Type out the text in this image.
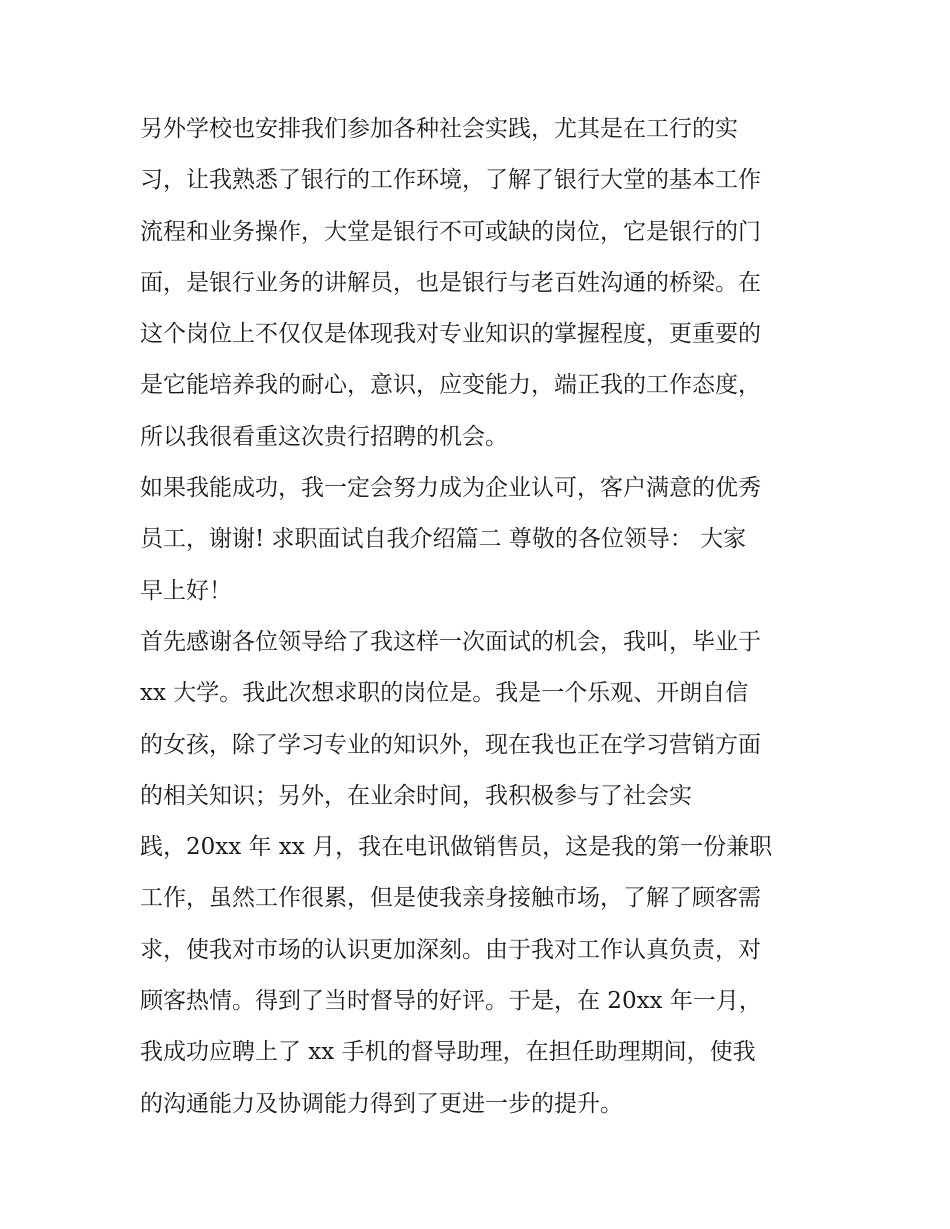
另外学校也安排我们参加各种社会实践，尤其是在工行的实
习，让我熟悉了银行的工作环境，了解了银行大堂的基本工作
流程和业务操作，大堂是银行不可或缺的岗位，它是银行的门
面，是银行业务的讲解员，也是银行与老百姓沟通的桥梁。在
这个岗位上不仅仅是体现我对专业知识的掌握程度，更重要的
是它能培养我的耐心，意识，应变能力，端正我的工作态度，
所以我很看重这次贵行招聘的机会。
如果我能成功，我一定会努力成为企业认可，客户满意的优秀
员工，谢谢! 求职面试自我介绍篇二 尊敬的各位领导： 大家
早上好！
首先感谢各位领导给了我这样一次面试的机会，我叫，毕业于
xx 大学。我此次想求职的岗位是。我是一个乐观、开朗自信
的女孩，除了学习专业的知识外，现在我也正在学习营销方面
的相关知识；另外，在业余时间，我积极参与了社会实
践，20xx 年 xx 月，我在电讯做销售员，这是我的第一份兼职
工作，虽然工作很累，但是使我亲身接触市场，了解了顾客需
求，使我对市场的认识更加深刻。由于我对工作认真负责，对
顾客热情。得到了当时督导的好评。于是，在 20xx 年一月，
我成功应聘上了 xx 手机的督导助理，在担任助理期间，使我
的沟通能力及协调能力得到了更进一步的提升。
